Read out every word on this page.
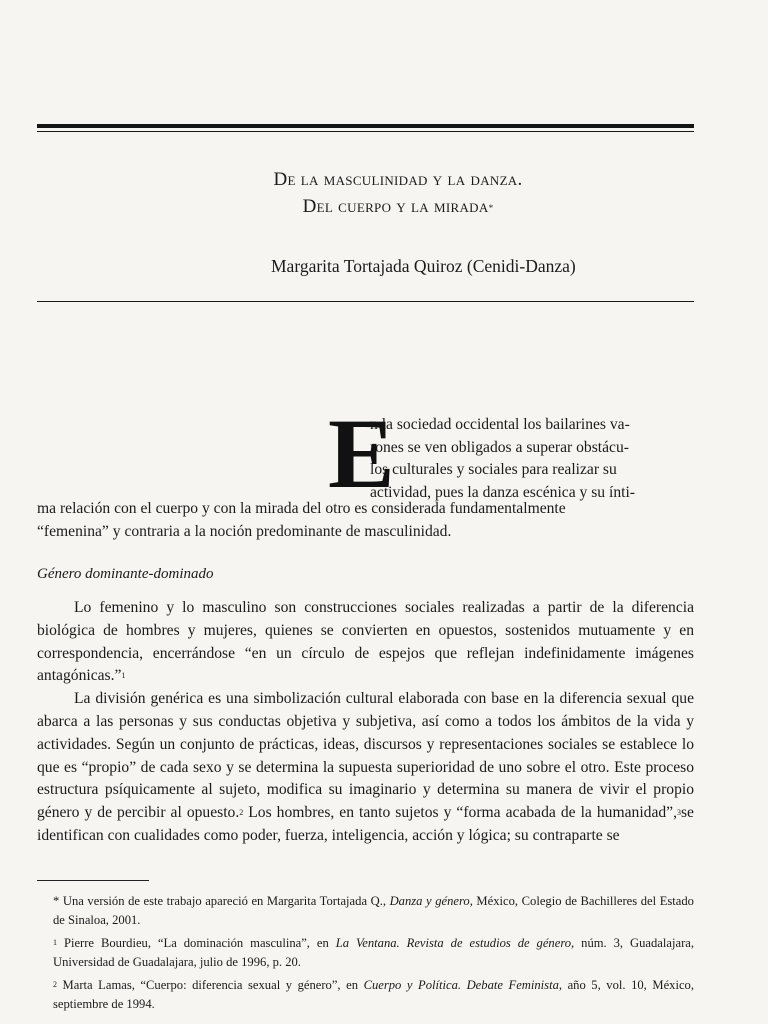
De la masculinidad y la danza.
Del cuerpo y la mirada*
Margarita Tortajada Quiroz (Cenidi-Danza)
E
n la sociedad occidental los bailarines va-
rones se ven obligados a superar obstácu-
los culturales y sociales para realizar su
actividad, pues la danza escénica y su ínti-
ma relación con el cuerpo y con la mirada del otro es considerada fundamentalmente
“femenina” y contraria a la noción predominante de masculinidad.
Género dominante-dominado

Lo femenino y lo masculino son construcciones sociales realizadas a partir de la diferencia biológica de hombres y mujeres, quienes se convierten en opuestos, sostenidos mutuamente y en correspondencia, encerrándose “en un círculo de espejos que reflejan indefinidamente imágenes antagónicas.”$^1$

La división genérica es una simbolización cultural elaborada con base en la diferencia sexual que abarca a las personas y sus conductas objetiva y subjetiva, así como a todos los ámbitos de la vida y actividades. Según un conjunto de prácticas, ideas, discursos y representaciones sociales se establece lo que es “propio” de cada sexo y se determina la supuesta superioridad de uno sobre el otro. Este proceso estructura psíquicamente al sujeto, modifica su imaginario y determina su manera de vivir el propio género y de percibir al opuesto.$^2$ Los hombres, en tanto sujetos y “forma acabada de la humanidad”,$^3$se identifican con cualidades como poder, fuerza, inteligencia, acción y lógica; su contraparte se

* Una versión de este trabajo apareció en Margarita Tortajada Q., Danza y género, México, Colegio de Bachilleres del Estado de Sinaloa, 2001.
$^1$ Pierre Bourdieu, “La dominación masculina”, en La Ventana. Revista de estudios de género, núm. 3, Guadalajara, Universidad de Guadalajara, julio de 1996, p. 20.
$^2$ Marta Lamas, “Cuerpo: diferencia sexual y género”, en Cuerpo y Política. Debate Feminista, año 5, vol. 10, México, septiembre de 1994.
